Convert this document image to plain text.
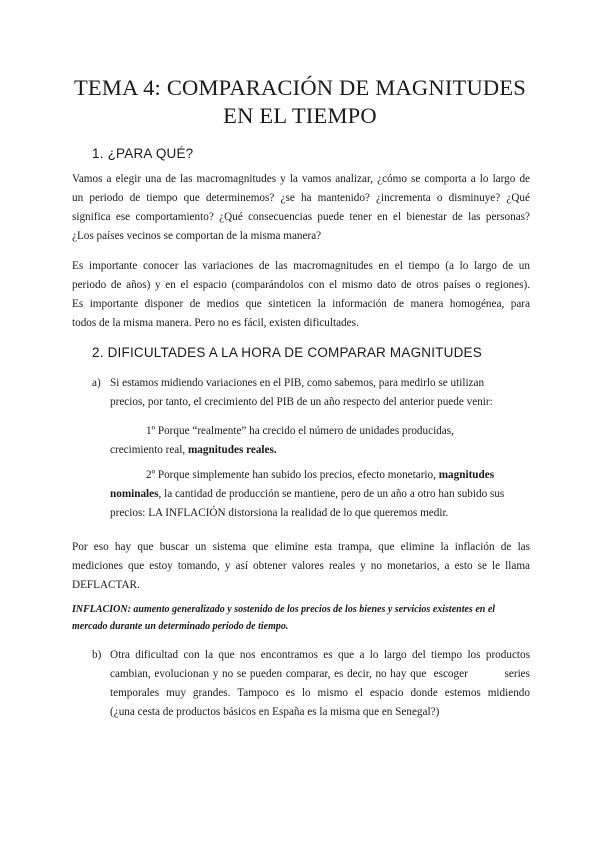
TEMA 4: COMPARACIÓN DE MAGNITUDES
EN EL TIEMPO
1. ¿PARA QUÉ?

Vamos a elegir una de las macromagnitudes y la vamos analizar, ¿cómo se comporta a lo largo de
un periodo de tiempo que determinemos? ¿se ha mantenido? ¿incrementa o disminuye? ¿Qué
significa ese comportamiento? ¿Qué consecuencias puede tener en el bienestar de las personas?
¿Los países vecinos se comportan de la misma manera?

Es importante conocer las variaciones de las macromagnitudes en el tiempo (a lo largo de un
periodo de años) y en el espacio (comparándolos con el mismo dato de otros países o regiones).
Es importante disponer de medios que sinteticen la información de manera homogénea, para
todos de la misma manera. Pero no es fácil, existen dificultades.

2. DIFICULTADES A LA HORA DE COMPARAR MAGNITUDES
a) Si estamos midiendo variaciones en el PIB, como sabemos, para medirlo se utilizan
precios, por tanto, el crecimiento del PIB de un año respecto del anterior puede venir:

1º Porque “realmente” ha crecido el número de unidades producidas,
crecimiento real, magnitudes reales.

2º Porque simplemente han subido los precios, efecto monetario, magnitudes
nominales, la cantidad de producción se mantiene, pero de un año a otro han subido sus
precios: LA INFLACIÓN distorsiona la realidad de lo que queremos medir.

Por eso hay que buscar un sistema que elimine esta trampa, que elimine la inflación de las
mediciones que estoy tomando, y así obtener valores reales y no monetarios, a esto se le llama
DEFLACTAR.

INFLACION: aumento generalizado y sostenido de los precios de los bienes y servicios existentes en el
mercado durante un determinado periodo de tiempo.

b) Otra dificultad con la que nos encontramos es que a lo largo del tiempo los productos
cambian, evolucionan y no se pueden comparar, es decir, no hay que  escoger          series
temporales muy grandes. Tampoco es lo mismo el espacio donde estemos midiendo
(¿una cesta de productos básicos en España es la misma que en Senegal?)
